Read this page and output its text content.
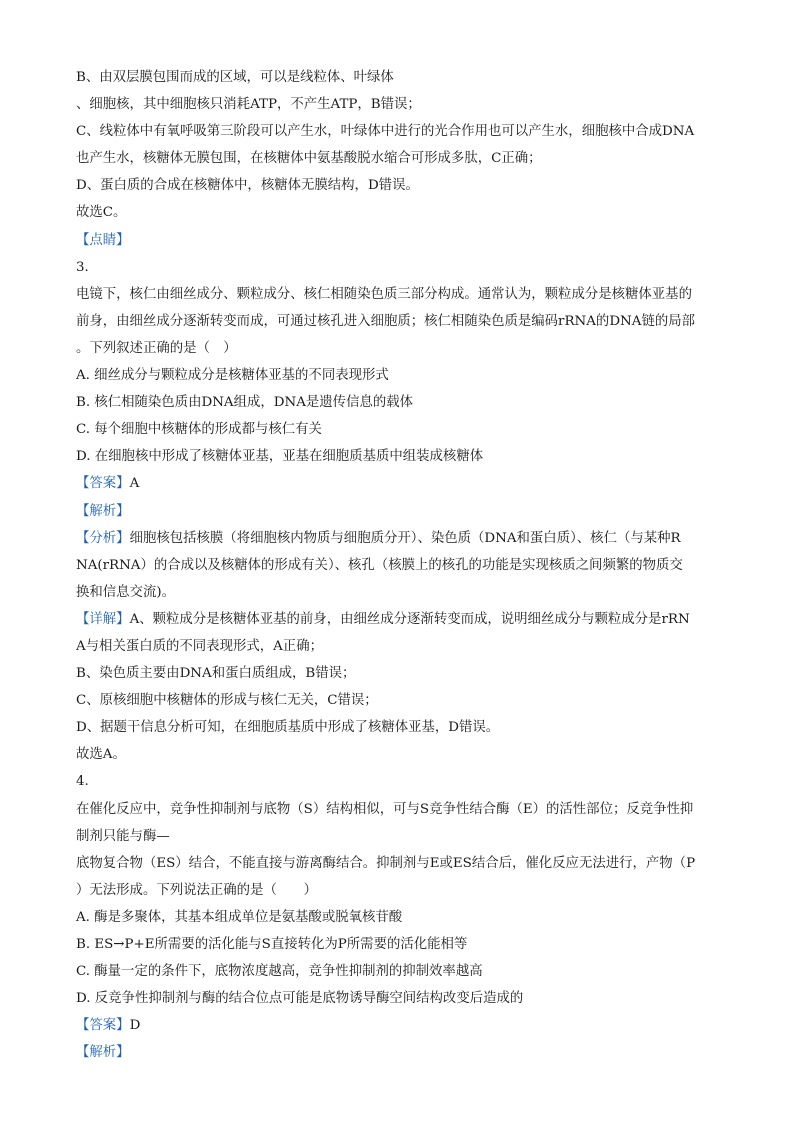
B、由双层膜包围而成的区域，可以是线粒体、叶绿体
、细胞核，其中细胞核只消耗ATP，不产生ATP，B错误；
C、线粒体中有氧呼吸第三阶段可以产生水，叶绿体中进行的光合作用也可以产生水，细胞核中合成DNA
也产生水，核糖体无膜包围，在核糖体中氨基酸脱水缩合可形成多肽，C正确；
D、蛋白质的合成在核糖体中，核糖体无膜结构，D错误。
故选C。
【点睛】
3.
电镜下，核仁由细丝成分、颗粒成分、核仁相随染色质三部分构成。通常认为，颗粒成分是核糖体亚基的
前身，由细丝成分逐渐转变而成，可通过核孔进入细胞质；核仁相随染色质是编码rRNA的DNA链的局部
。下列叙述正确的是（　）
A. 细丝成分与颗粒成分是核糖体亚基的不同表现形式
B. 核仁相随染色质由DNA组成，DNA是遗传信息的载体
C. 每个细胞中核糖体的形成都与核仁有关
D. 在细胞核中形成了核糖体亚基，亚基在细胞质基质中组装成核糖体
【答案】A
【解析】
【分析】细胞核包括核膜（将细胞核内物质与细胞质分开）、染色质（DNA和蛋白质）、核仁（与某种R
NA(rRNA）的合成以及核糖体的形成有关）、核孔（核膜上的核孔的功能是实现核质之间频繁的物质交
换和信息交流)。
【详解】A、颗粒成分是核糖体亚基的前身，由细丝成分逐渐转变而成，说明细丝成分与颗粒成分是rRN
A与相关蛋白质的不同表现形式，A正确；
B、染色质主要由DNA和蛋白质组成，B错误；
C、原核细胞中核糖体的形成与核仁无关，C错误；
D、据题干信息分析可知，在细胞质基质中形成了核糖体亚基，D错误。
故选A。
4.
在催化反应中，竞争性抑制剂与底物（S）结构相似，可与S竞争性结合酶（E）的活性部位；反竞争性抑
制剂只能与酶—
底物复合物（ES）结合，不能直接与游离酶结合。抑制剂与E或ES结合后，催化反应无法进行，产物（P
）无法形成。下列说法正确的是（　　）
A. 酶是多聚体，其基本组成单位是氨基酸或脱氧核苷酸
B. ES→P+E所需要的活化能与S直接转化为P所需要的活化能相等
C. 酶量一定的条件下，底物浓度越高，竞争性抑制剂的抑制效率越高
D. 反竞争性抑制剂与酶的结合位点可能是底物诱导酶空间结构改变后造成的
【答案】D
【解析】
